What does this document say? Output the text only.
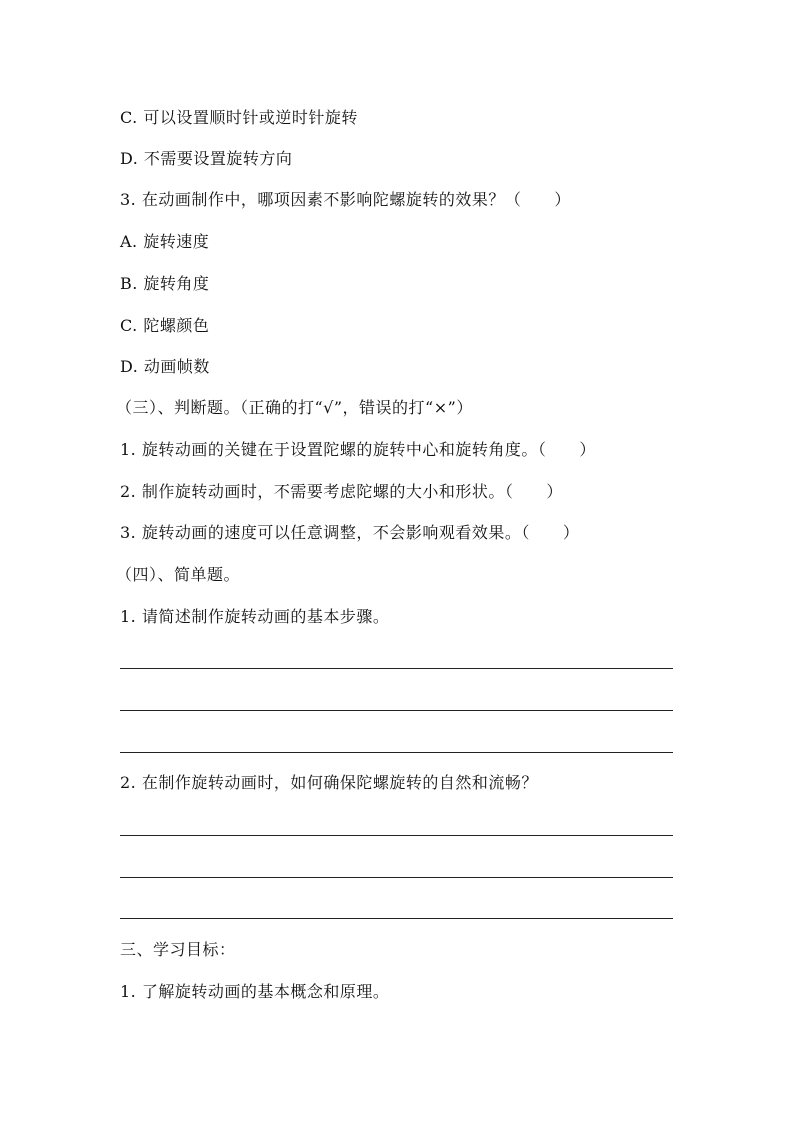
C. 可以设置顺时针或逆时针旋转
D. 不需要设置旋转方向
3. 在动画制作中，哪项因素不影响陀螺旋转的效果？（　　）
A. 旋转速度
B. 旋转角度
C. 陀螺颜色
D. 动画帧数
（三）、判断题。（正确的打“√”，错误的打“×”）
1. 旋转动画的关键在于设置陀螺的旋转中心和旋转角度。（　　）
2. 制作旋转动画时，不需要考虑陀螺的大小和形状。（　　）
3. 旋转动画的速度可以任意调整，不会影响观看效果。（　　）
（四）、简单题。
1. 请简述制作旋转动画的基本步骤。
2. 在制作旋转动画时，如何确保陀螺旋转的自然和流畅？
三、学习目标：
1. 了解旋转动画的基本概念和原理。
